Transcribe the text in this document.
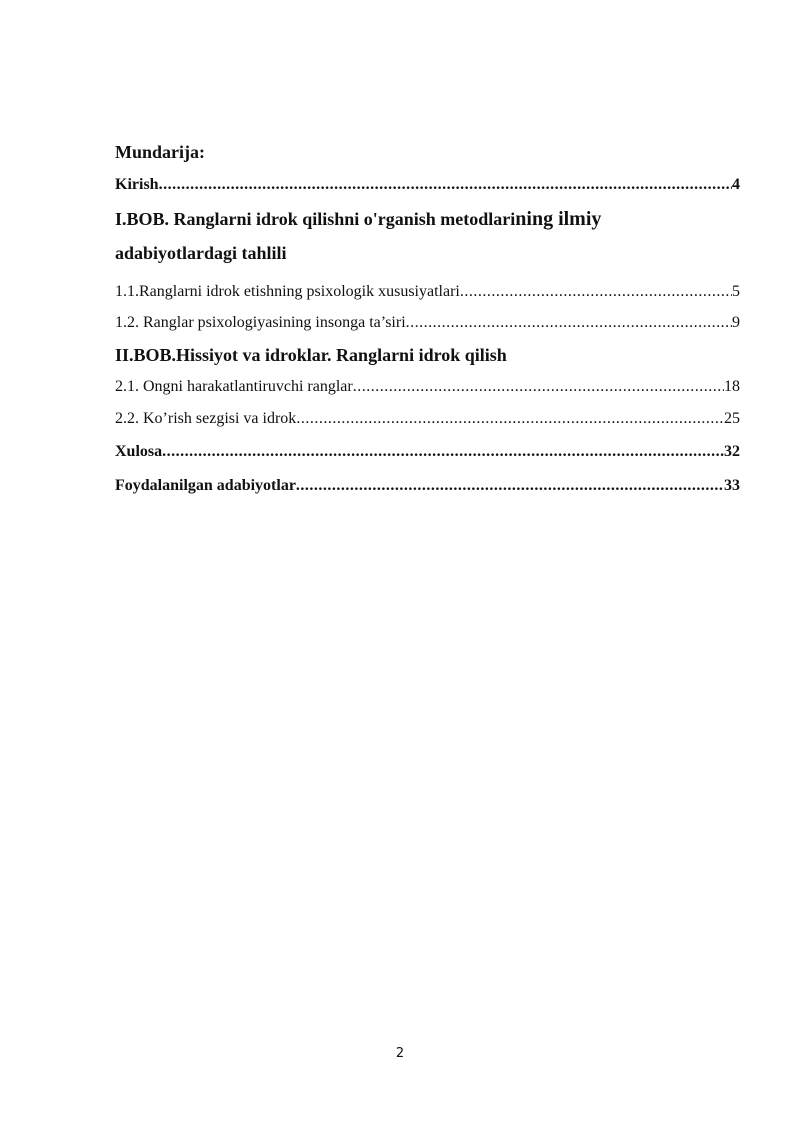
Mundarija:
Kirish .....	4
I.BOB. Ranglarni idrok qilishni o'rganish metodlarining ilmiy
adabiyotlardagi tahlili
1.1.Ranglarni idrok etishning psixologik xususiyatlari .....	5
1.2. Ranglar psixologiyasining insonga ta’siri .....	9
II.BOB.Hissiyot va idroklar. Ranglarni idrok qilish
2.1. Ongni harakatlantiruvchi ranglar .....	18
2.2. Ko’rish sezgisi va idrok .....	25
Xulosa .....	32
Foydalanilgan adabiyotlar .....	33
2
